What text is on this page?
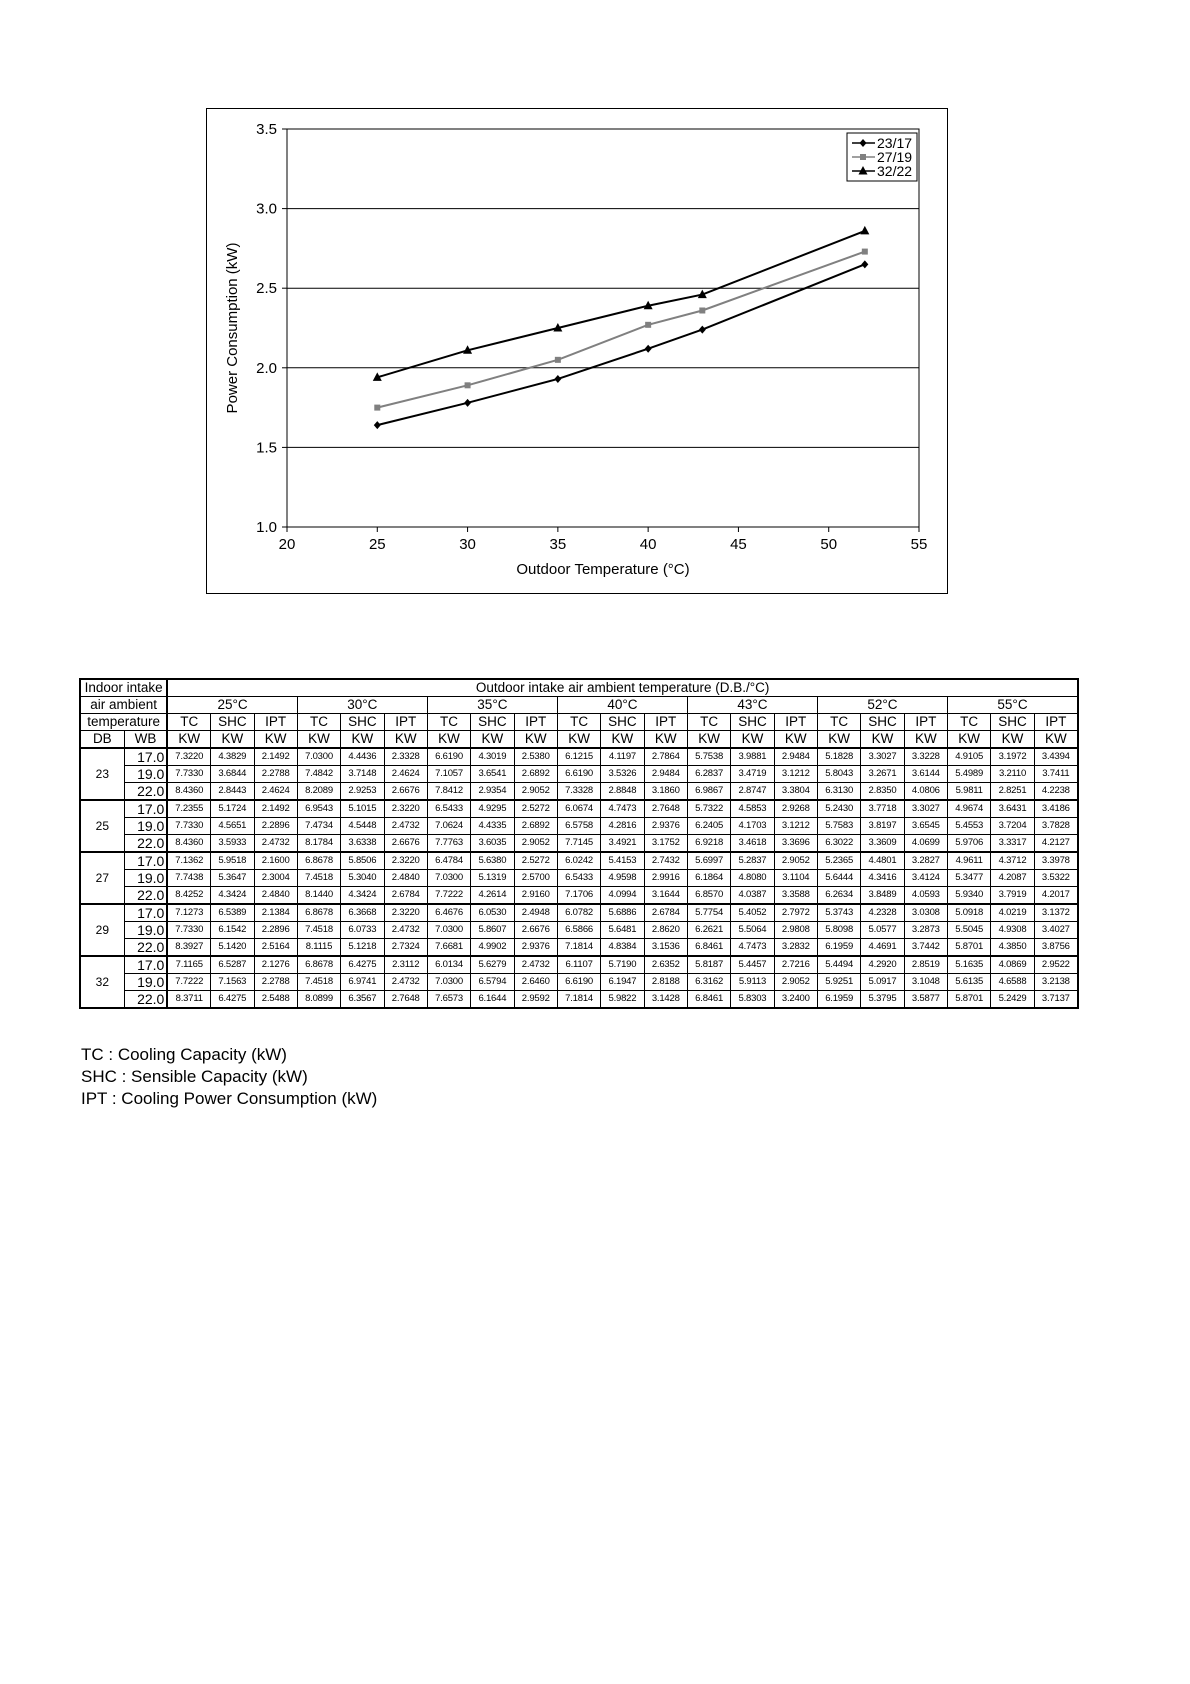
1.0
1.5
2.0
2.5
3.0
3.5
20	25	30	35	40	45	50	55
Outdoor Temperature (°C)
Power Consumption (kW)
23/17
27/19
32/22
Indoor intake		Outdoor intake air ambient temperature (D.B./°C)																				
air ambient		25°C			30°C			35°C			40°C			43°C			52°C			55°C		
temperature		TC	SHC	IPT	TC	SHC	IPT	TC	SHC	IPT	TC	SHC	IPT	TC	SHC	IPT	TC	SHC	IPT	TC	SHC	IPT
DB	WB	KW	KW	KW	KW	KW	KW	KW	KW	KW	KW	KW	KW	KW	KW	KW	KW	KW	KW	KW	KW	KW
23	17.0	7.3220	4.3829	2.1492	7.0300	4.4436	2.3328	6.6190	4.3019	2.5380	6.1215	4.1197	2.7864	5.7538	3.9881	2.9484	5.1828	3.3027	3.3228	4.9105	3.1972	3.4394
	19.0	7.7330	3.6844	2.2788	7.4842	3.7148	2.4624	7.1057	3.6541	2.6892	6.6190	3.5326	2.9484	6.2837	3.4719	3.1212	5.8043	3.2671	3.6144	5.4989	3.2110	3.7411
	22.0	8.4360	2.8443	2.4624	8.2089	2.9253	2.6676	7.8412	2.9354	2.9052	7.3328	2.8848	3.1860	6.9867	2.8747	3.3804	6.3130	2.8350	4.0806	5.9811	2.8251	4.2238
25	17.0	7.2355	5.1724	2.1492	6.9543	5.1015	2.3220	6.5433	4.9295	2.5272	6.0674	4.7473	2.7648	5.7322	4.5853	2.9268	5.2430	3.7718	3.3027	4.9674	3.6431	3.4186
	19.0	7.7330	4.5651	2.2896	7.4734	4.5448	2.4732	7.0624	4.4335	2.6892	6.5758	4.2816	2.9376	6.2405	4.1703	3.1212	5.7583	3.8197	3.6545	5.4553	3.7204	3.7828
	22.0	8.4360	3.5933	2.4732	8.1784	3.6338	2.6676	7.7763	3.6035	2.9052	7.7145	3.4921	3.1752	6.9218	3.4618	3.3696	6.3022	3.3609	4.0699	5.9706	3.3317	4.2127
27	17.0	7.1362	5.9518	2.1600	6.8678	5.8506	2.3220	6.4784	5.6380	2.5272	6.0242	5.4153	2.7432	5.6997	5.2837	2.9052	5.2365	4.4801	3.2827	4.9611	4.3712	3.3978
	19.0	7.7438	5.3647	2.3004	7.4518	5.3040	2.4840	7.0300	5.1319	2.5700	6.5433	4.9598	2.9916	6.1864	4.8080	3.1104	5.6444	4.3416	3.4124	5.3477	4.2087	3.5322
	22.0	8.4252	4.3424	2.4840	8.1440	4.3424	2.6784	7.7222	4.2614	2.9160	7.1706	4.0994	3.1644	6.8570	4.0387	3.3588	6.2634	3.8489	4.0593	5.9340	3.7919	4.2017
29	17.0	7.1273	6.5389	2.1384	6.8678	6.3668	2.3220	6.4676	6.0530	2.4948	6.0782	5.6886	2.6784	5.7754	5.4052	2.7972	5.3743	4.2328	3.0308	5.0918	4.0219	3.1372
	19.0	7.7330	6.1542	2.2896	7.4518	6.0733	2.4732	7.0300	5.8607	2.6676	6.5866	5.6481	2.8620	6.2621	5.5064	2.9808	5.8098	5.0577	3.2873	5.5045	4.9308	3.4027
	22.0	8.3927	5.1420	2.5164	8.1115	5.1218	2.7324	7.6681	4.9902	2.9376	7.1814	4.8384	3.1536	6.8461	4.7473	3.2832	6.1959	4.4691	3.7442	5.8701	4.3850	3.8756
32	17.0	7.1165	6.5287	2.1276	6.8678	6.4275	2.3112	6.0134	5.6279	2.4732	6.1107	5.7190	2.6352	5.8187	5.4457	2.7216	5.4494	4.2920	2.8519	5.1635	4.0869	2.9522
	19.0	7.7222	7.1563	2.2788	7.4518	6.9741	2.4732	7.0300	6.5794	2.6460	6.6190	6.1947	2.8188	6.3162	5.9113	2.9052	5.9251	5.0917	3.1048	5.6135	4.6588	3.2138
	22.0	8.3711	6.4275	2.5488	8.0899	6.3567	2.7648	7.6573	6.1644	2.9592	7.1814	5.9822	3.1428	6.8461	5.8303	3.2400	6.1959	5.3795	3.5877	5.8701	5.2429	3.7137
TC : Cooling Capacity (kW)
SHC : Sensible Capacity (kW)
IPT : Cooling Power Consumption (kW)
